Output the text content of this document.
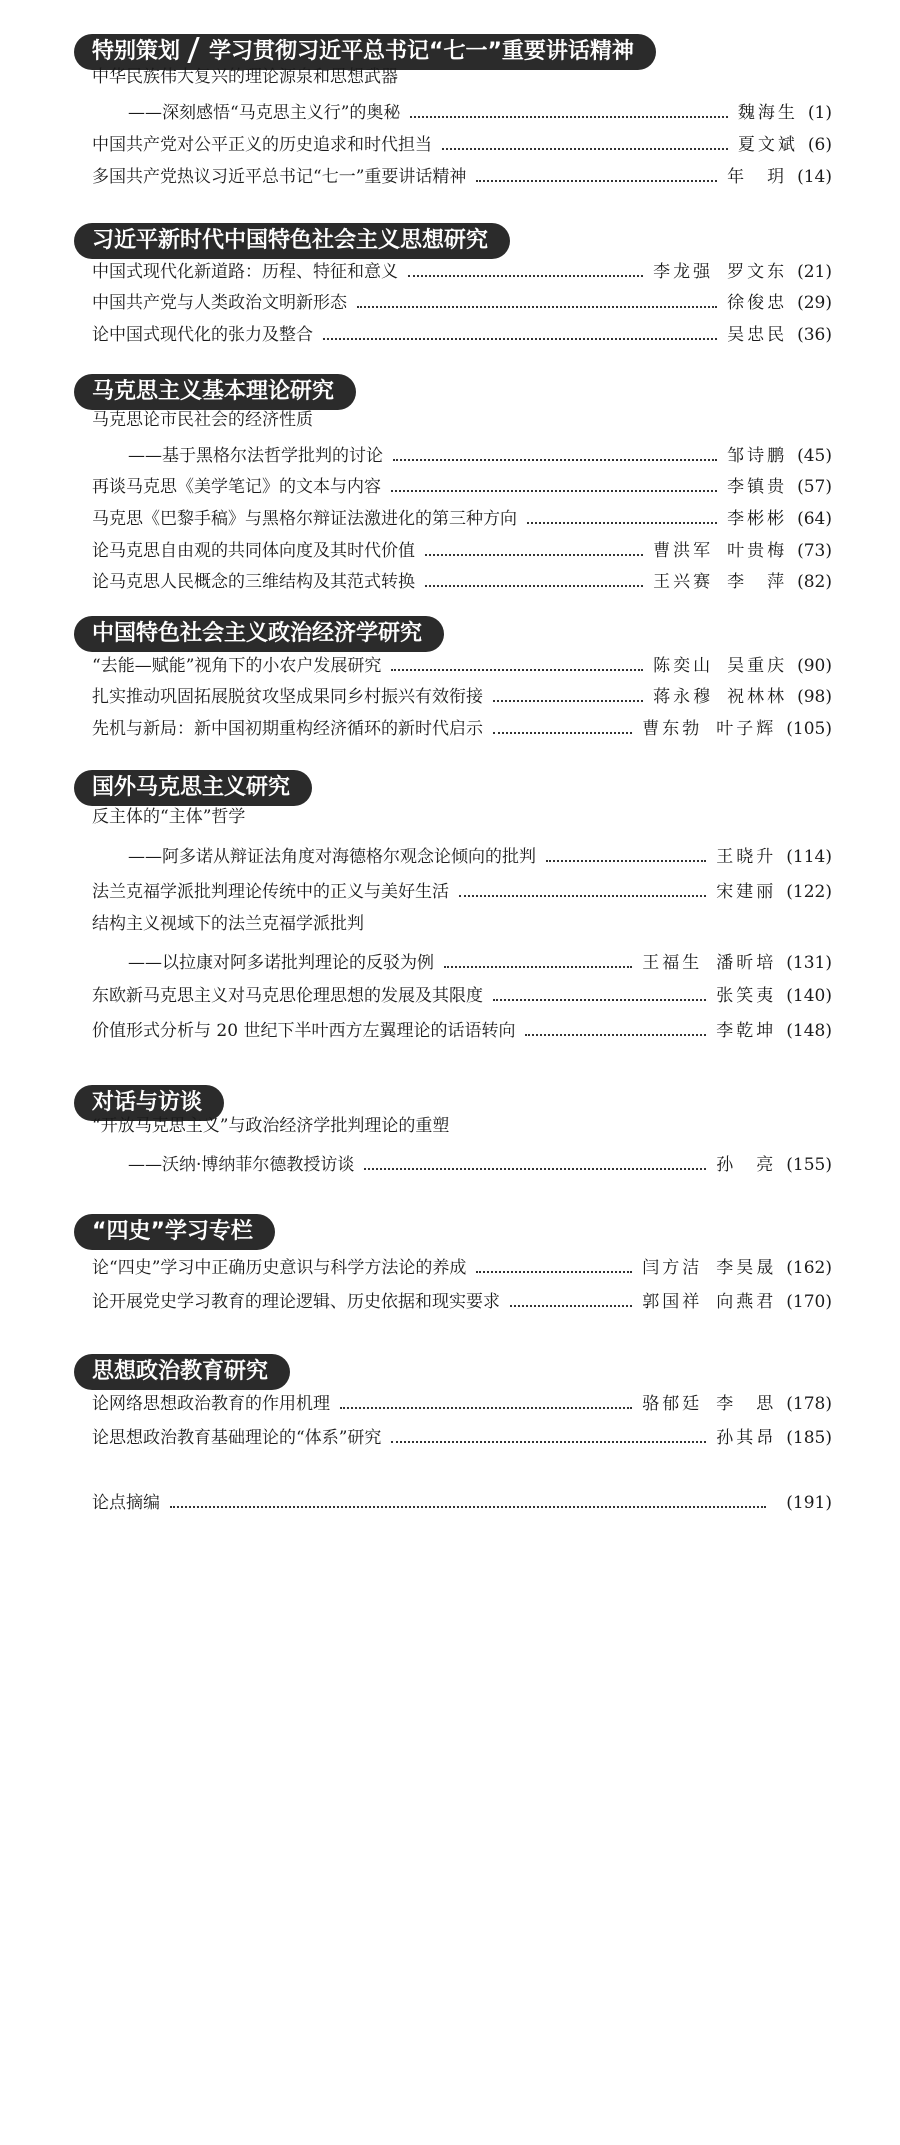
特别策划 学习贯彻习近平总书记“七一”重要讲话精神
中华民族伟大复兴的理论源泉和思想武器
——深刻感悟“马克思主义行”的奥秘	魏海生 (1)
中国共产党对公平正义的历史追求和时代担当	夏文斌 (6)
多国共产党热议习近平总书记“七一”重要讲话精神	年　玥 (14)
习近平新时代中国特色社会主义思想研究
中国式现代化新道路：历程、特征和意义	李龙强 罗文东 (21)
中国共产党与人类政治文明新形态	徐俊忠 (29)
论中国式现代化的张力及整合	吴忠民 (36)
马克思主义基本理论研究
马克思论市民社会的经济性质
——基于黑格尔法哲学批判的讨论	邹诗鹏 (45)
再谈马克思《美学笔记》的文本与内容	李镇贵 (57)
马克思《巴黎手稿》与黑格尔辩证法激进化的第三种方向	李彬彬 (64)
论马克思自由观的共同体向度及其时代价值	曹洪军 叶贵梅 (73)
论马克思人民概念的三维结构及其范式转换	王兴赛 李　萍 (82)
中国特色社会主义政治经济学研究
“去能—赋能”视角下的小农户发展研究	陈奕山 吴重庆 (90)
扎实推动巩固拓展脱贫攻坚成果同乡村振兴有效衔接	蒋永穆 祝林林 (98)
先机与新局：新中国初期重构经济循环的新时代启示	曹东勃 叶子辉 (105)
国外马克思主义研究
反主体的“主体”哲学
——阿多诺从辩证法角度对海德格尔观念论倾向的批判	王晓升 (114)
法兰克福学派批判理论传统中的正义与美好生活	宋建丽 (122)
结构主义视域下的法兰克福学派批判
——以拉康对阿多诺批判理论的反驳为例	王福生 潘昕培 (131)
东欧新马克思主义对马克思伦理思想的发展及其限度	张笑夷 (140)
价值形式分析与 20 世纪下半叶西方左翼理论的话语转向	李乾坤 (148)
对话与访谈
“开放马克思主义”与政治经济学批判理论的重塑
——沃纳·博纳菲尔德教授访谈	孙　亮 (155)
“四史”学习专栏
论“四史”学习中正确历史意识与科学方法论的养成	闫方洁 李昊晟 (162)
论开展党史学习教育的理论逻辑、历史依据和现实要求	郭国祥 向燕君 (170)
思想政治教育研究
论网络思想政治教育的作用机理	骆郁廷 李　思 (178)
论思想政治教育基础理论的“体系”研究	孙其昂 (185)
论点摘编	(191)
